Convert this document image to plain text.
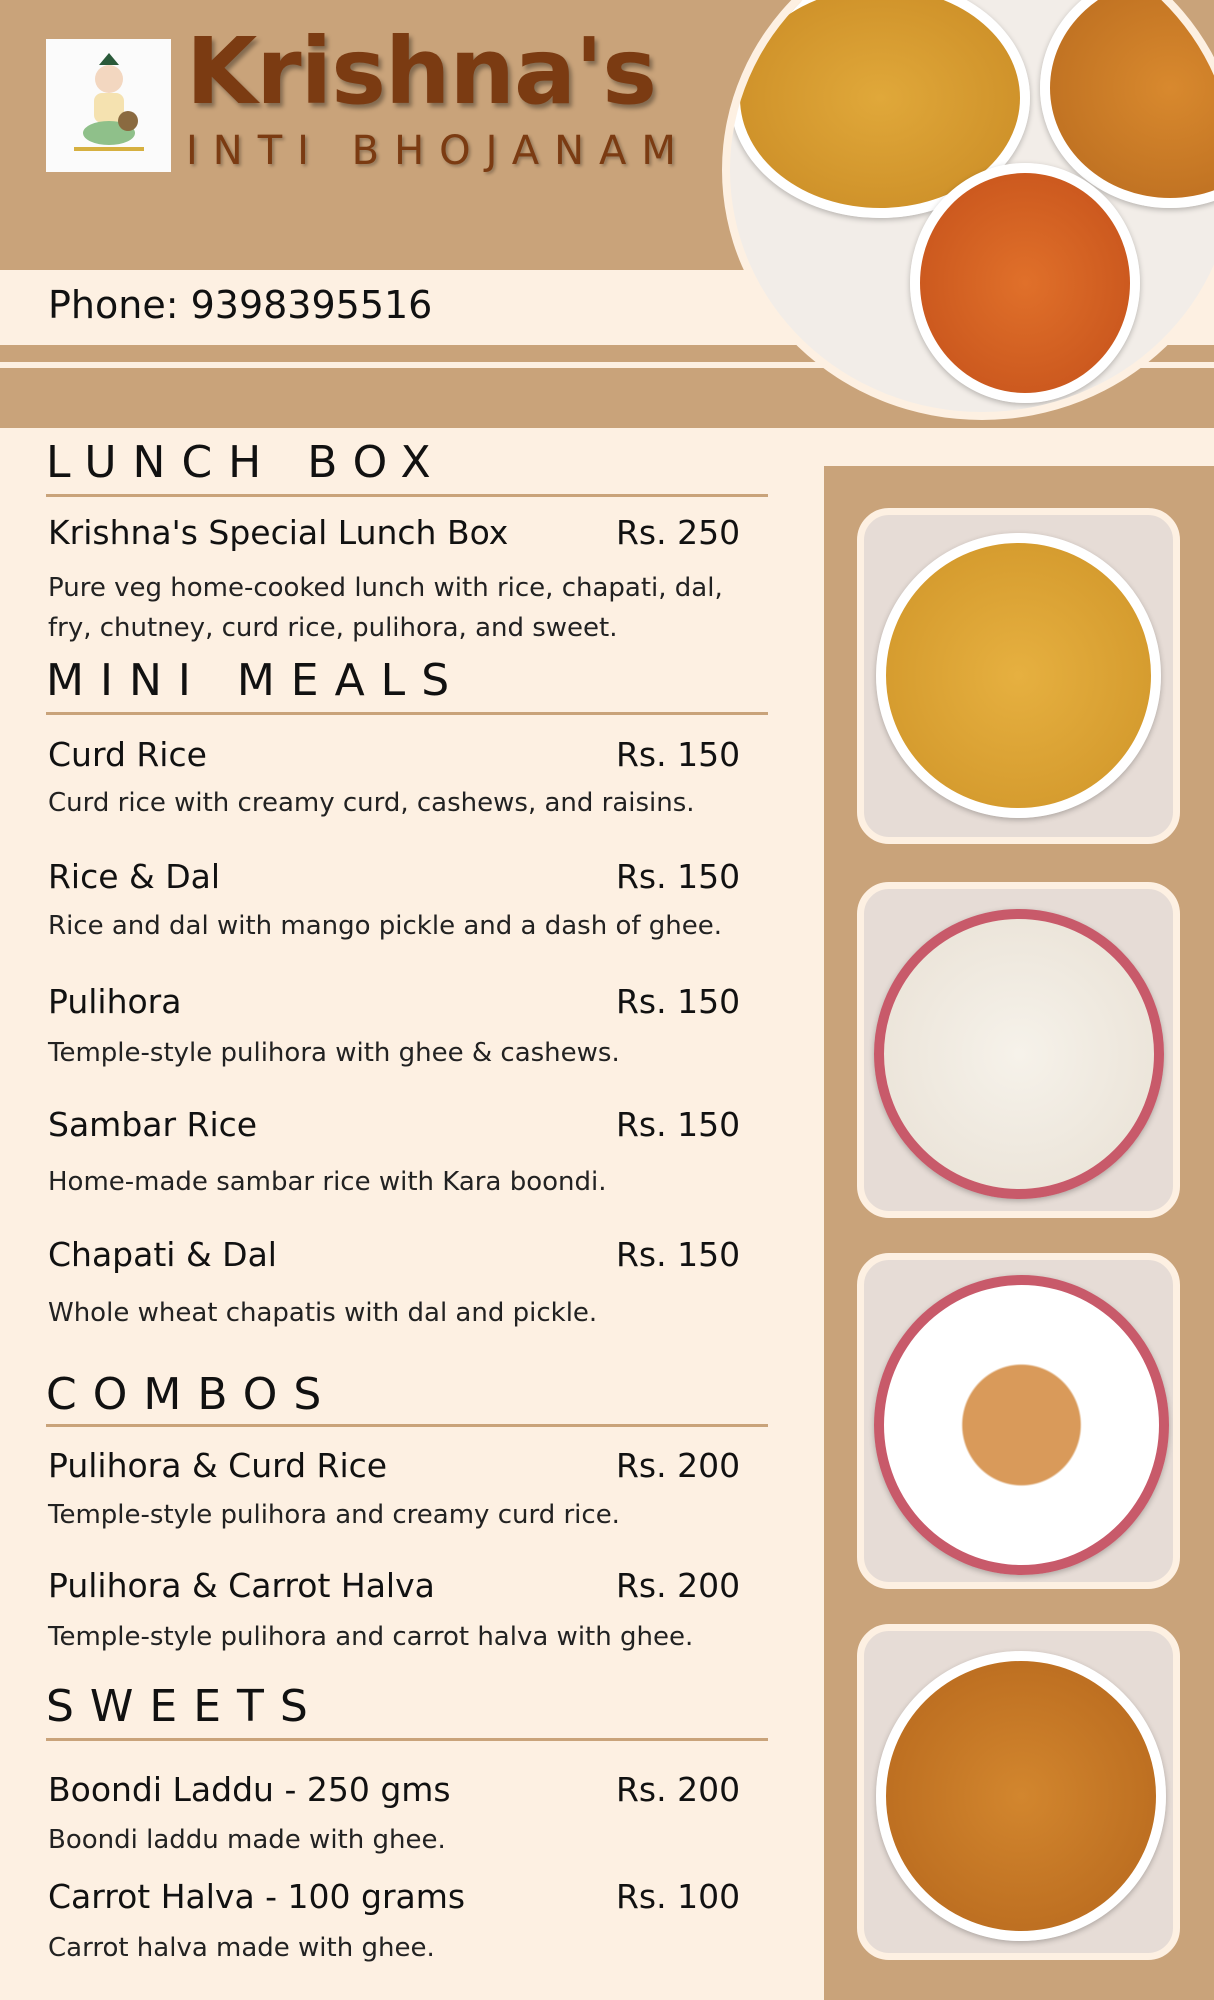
Krishna's
INTI BHOJANAM
Phone: 9398395516
LUNCH BOX
Krishna's Special Lunch Box	Rs. 250
Pure veg home-cooked lunch with rice, chapati, dal, fry, chutney, curd rice, pulihora, and sweet.
MINI MEALS
Curd Rice	Rs. 150
Curd rice with creamy curd, cashews, and raisins.
Rice & Dal	Rs. 150
Rice and dal with mango pickle and a dash of ghee.
Pulihora	Rs. 150
Temple-style pulihora with ghee & cashews.
Sambar Rice	Rs. 150
Home-made sambar rice with Kara boondi.
Chapati & Dal	Rs. 150
Whole wheat chapatis with dal and pickle.
COMBOS
Pulihora & Curd Rice	Rs. 200
Temple-style pulihora and creamy curd rice.
Pulihora & Carrot Halva	Rs. 200
Temple-style pulihora and carrot halva with ghee.
SWEETS
Boondi Laddu - 250 gms	Rs. 200
Boondi laddu made with ghee.
Carrot Halva - 100 grams	Rs. 100
Carrot halva made with ghee.
